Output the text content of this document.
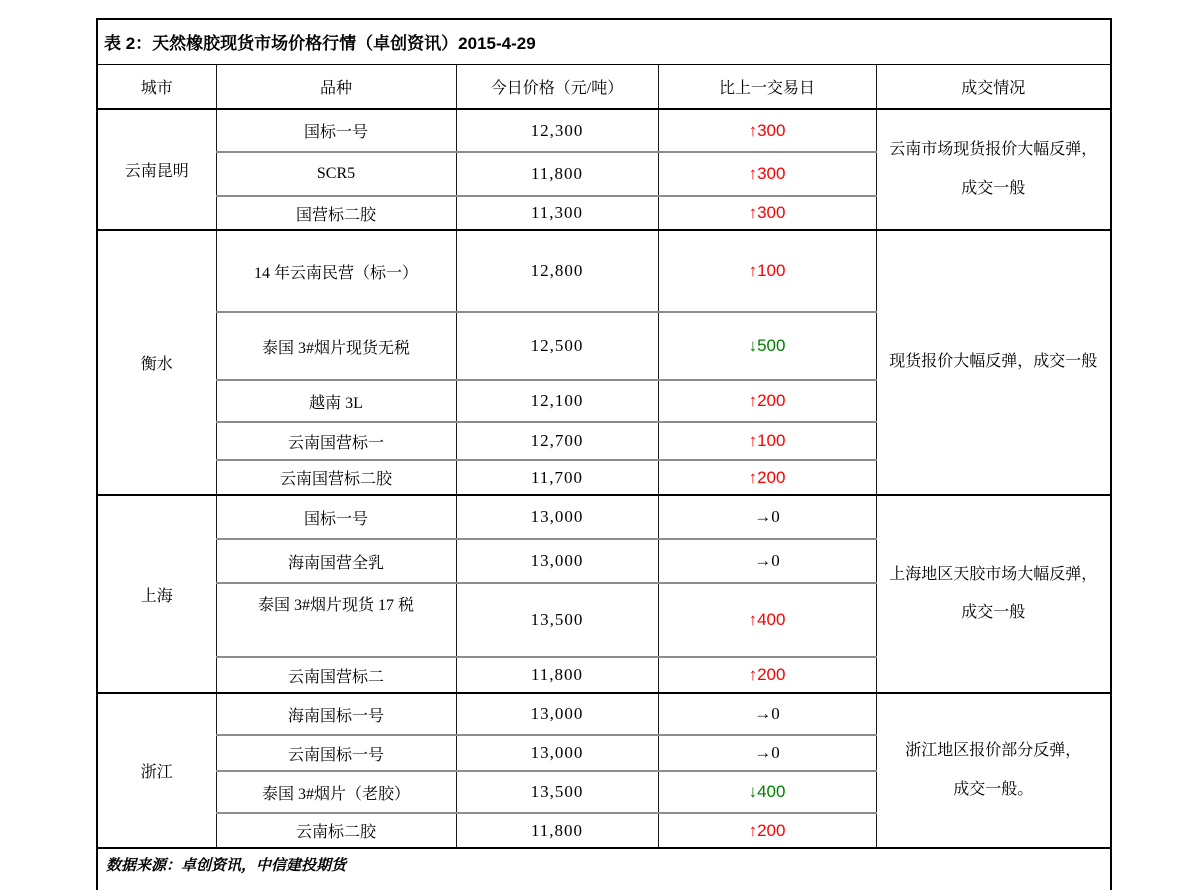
表 2：天然橡胶现货市场价格行情（卓创资讯）2015-4-29				
城市	品种	今日价格（元/吨）	比上一交易日	成交情况
云南昆明	国标一号	12,300	↑300	云南市场现货报价大幅反弹，
成交一般

	SCR5	11,800	↑300	
	国营标二胶	11,300	↑300	
衡水	14 年云南民营（标一）	12,800	↑100	现货报价大幅反弹，成交一般

	泰国 3#烟片现货无税	12,500	↓500	
	越南 3L	12,100	↑200	
	云南国营标一	12,700	↑100	
	云南国营标二胶	11,700	↑200	
上海	国标一号	13,000	→0	上海地区天胶市场大幅反弹，
成交一般

	海南国营全乳	13,000	→0	
	泰国 3#烟片现货 17 税	13,500	↑400	
	云南国营标二	11,800	↑200	
浙江	海南国标一号	13,000	→0	浙江地区报价部分反弹，
成交一般。

	云南国标一号	13,000	→0	
	泰国 3#烟片（老胶）	13,500	↓400	
	云南标二胶	11,800	↑200	
数据来源：卓创资讯，中信建投期货				
